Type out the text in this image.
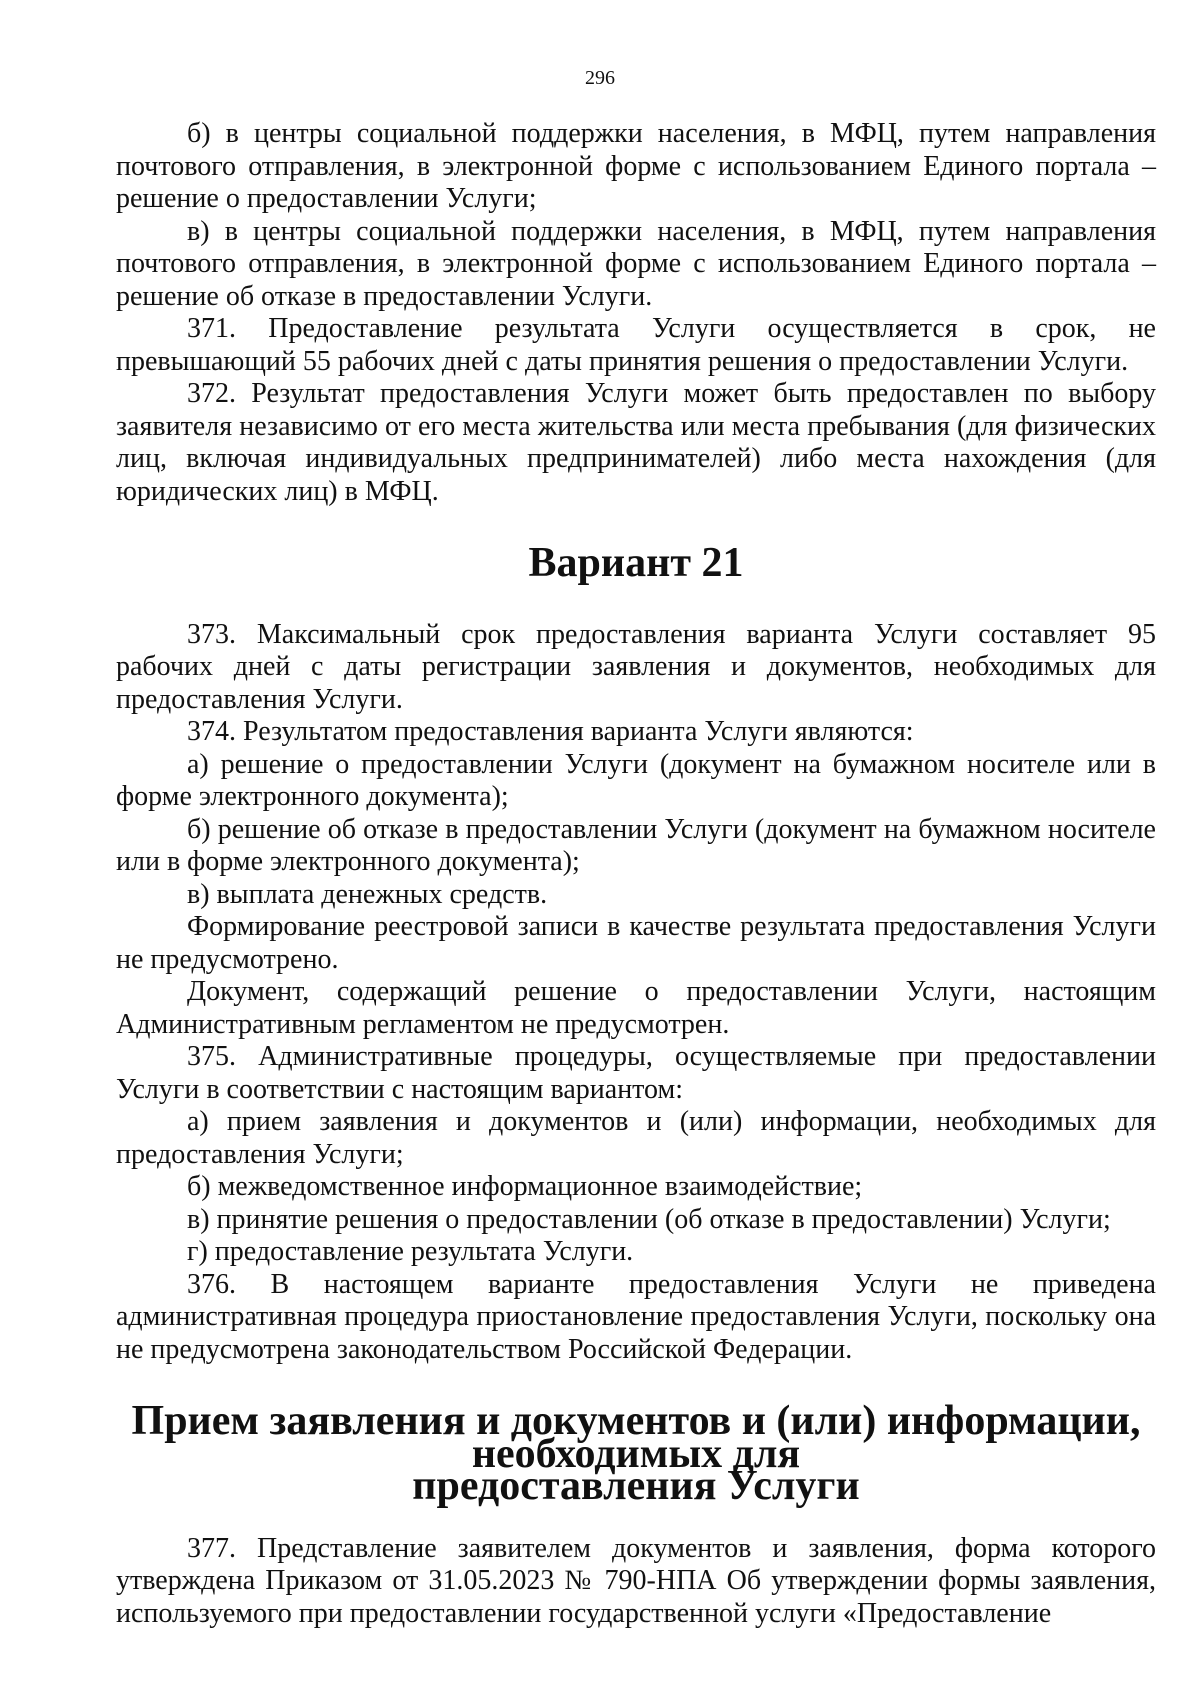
296

б) в центры социальной поддержки населения, в МФЦ, путем направления почтового отправления, в электронной форме с использованием Единого портала – решение о предоставлении Услуги;

в) в центры социальной поддержки населения, в МФЦ, путем направления почтового отправления, в электронной форме с использованием Единого портала – решение об отказе в предоставлении Услуги.

371. Предоставление результата Услуги осуществляется в срок, не превышающий 55 рабочих дней с даты принятия решения о предоставлении Услуги.

372. Результат предоставления Услуги может быть предоставлен по выбору заявителя независимо от его места жительства или места пребывания (для физических лиц, включая индивидуальных предпринимателей) либо места нахождения (для юридических лиц) в МФЦ.

Вариант 21

373. Максимальный срок предоставления варианта Услуги составляет 95 рабочих дней с даты регистрации заявления и документов, необходимых для предоставления Услуги.

374. Результатом предоставления варианта Услуги являются:

а) решение о предоставлении Услуги (документ на бумажном носителе или в форме электронного документа);

б) решение об отказе в предоставлении Услуги (документ на бумажном носителе или в форме электронного документа);

в) выплата денежных средств.

Формирование реестровой записи в качестве результата предоставления Услуги не предусмотрено.

Документ, содержащий решение о предоставлении Услуги, настоящим Административным регламентом не предусмотрен.

375. Административные процедуры, осуществляемые при предоставлении Услуги в соответствии с настоящим вариантом:

а) прием заявления и документов и (или) информации, необходимых для предоставления Услуги;

б) межведомственное информационное взаимодействие;

в) принятие решения о предоставлении (об отказе в предоставлении) Услуги;

г) предоставление результата Услуги.

376. В настоящем варианте предоставления Услуги не приведена административная процедура приостановление предоставления Услуги, поскольку она не предусмотрена законодательством Российской Федерации.

Прием заявления и документов и (или) информации, необходимых для
предоставления Услуги

377. Представление заявителем документов и заявления, форма которого утверждена Приказом от 31.05.2023 № 790-НПА Об утверждении формы заявления, используемого при предоставлении государственной услуги «Предоставление
